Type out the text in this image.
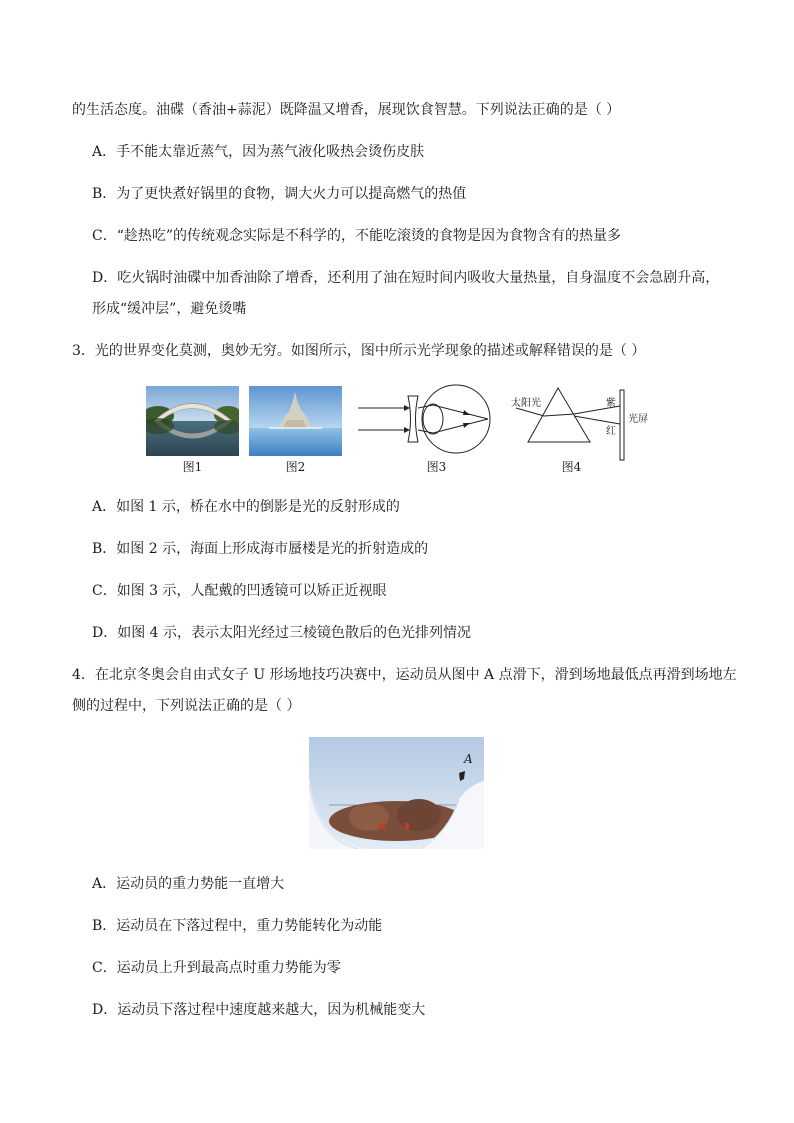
的生活态度。油碟（香油+蒜泥）既降温又增香，展现饮食智慧。下列说法正确的是（ ）
A．手不能太靠近蒸气，因为蒸气液化吸热会烫伤皮肤
B．为了更快煮好锅里的食物，调大火力可以提高燃气的热值
C．“趁热吃”的传统观念实际是不科学的，不能吃滚烫的食物是因为食物含有的热量多
D．吃火锅时油碟中加香油除了增香，还利用了油在短时间内吸收大量热量，自身温度不会急剧升高，
形成“缓冲层”，避免烫嘴
3．光的世界变化莫测，奥妙无穷。如图所示，图中所示光学现象的描述或解释错误的是（ ）
图1	图2	图3
太阳光	紫
红
光屏
图4
A．如图 1 示，桥在水中的倒影是光的反射形成的
B．如图 2 示，海面上形成海市蜃楼是光的折射造成的
C．如图 3 示，人配戴的凹透镜可以矫正近视眼
D．如图 4 示，表示太阳光经过三棱镜色散后的色光排列情况
4．在北京冬奥会自由式女子 U 形场地技巧决赛中，运动员从图中 A 点滑下，滑到场地最低点再滑到场地左
侧的过程中，下列说法正确的是（ ）
A
A．运动员的重力势能一直增大
B．运动员在下落过程中，重力势能转化为动能
C．运动员上升到最高点时重力势能为零
D．运动员下落过程中速度越来越大，因为机械能变大
